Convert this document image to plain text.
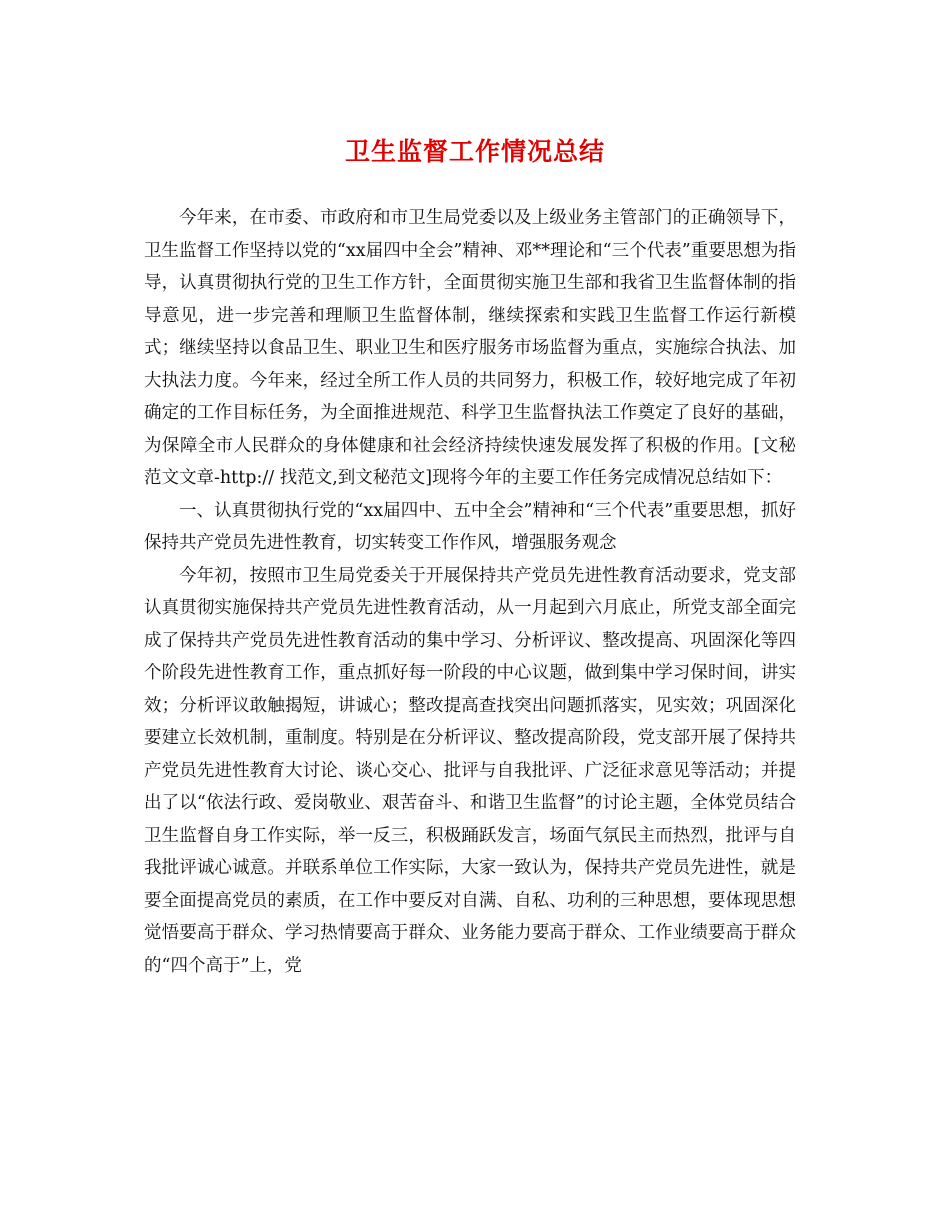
卫生监督工作情况总结

今年来，在市委、市政府和市卫生局党委以及上级业务主管部门的正确领导下，卫生监督工作坚持以党的“xx届四中全会”精神、邓**理论和“三个代表”重要思想为指导，认真贯彻执行党的卫生工作方针，全面贯彻实施卫生部和我省卫生监督体制的指导意见，进一步完善和理顺卫生监督体制，继续探索和实践卫生监督工作运行新模式；继续坚持以食品卫生、职业卫生和医疗服务市场监督为重点，实施综合执法、加大执法力度。今年来，经过全所工作人员的共同努力，积极工作，较好地完成了年初确定的工作目标任务，为全面推进规范、科学卫生监督执法工作奠定了良好的基础，为保障全市人民群众的身体健康和社会经济持续快速发展发挥了积极的作用。[文秘范文文章-http:// 找范文,到文秘范文]现将今年的主要工作任务完成情况总结如下：

一、认真贯彻执行党的“xx届四中、五中全会”精神和“三个代表”重要思想，抓好保持共产党员先进性教育，切实转变工作作风，增强服务观念

今年初，按照市卫生局党委关于开展保持共产党员先进性教育活动要求，党支部认真贯彻实施保持共产党员先进性教育活动，从一月起到六月底止，所党支部全面完成了保持共产党员先进性教育活动的集中学习、分析评议、整改提高、巩固深化等四个阶段先进性教育工作，重点抓好每一阶段的中心议题，做到集中学习保时间，讲实效；分析评议敢触揭短，讲诚心；整改提高查找突出问题抓落实，见实效；巩固深化要建立长效机制，重制度。特别是在分析评议、整改提高阶段，党支部开展了保持共产党员先进性教育大讨论、谈心交心、批评与自我批评、广泛征求意见等活动；并提出了以“依法行政、爱岗敬业、艰苦奋斗、和谐卫生监督”的讨论主题，全体党员结合卫生监督自身工作实际，举一反三，积极踊跃发言，场面气氛民主而热烈，批评与自我批评诚心诚意。并联系单位工作实际，大家一致认为，保持共产党员先进性，就是要全面提高党员的素质，在工作中要反对自满、自私、功利的三种思想，要体现思想觉悟要高于群众、学习热情要高于群众、业务能力要高于群众、工作业绩要高于群众的“四个高于”上，党
